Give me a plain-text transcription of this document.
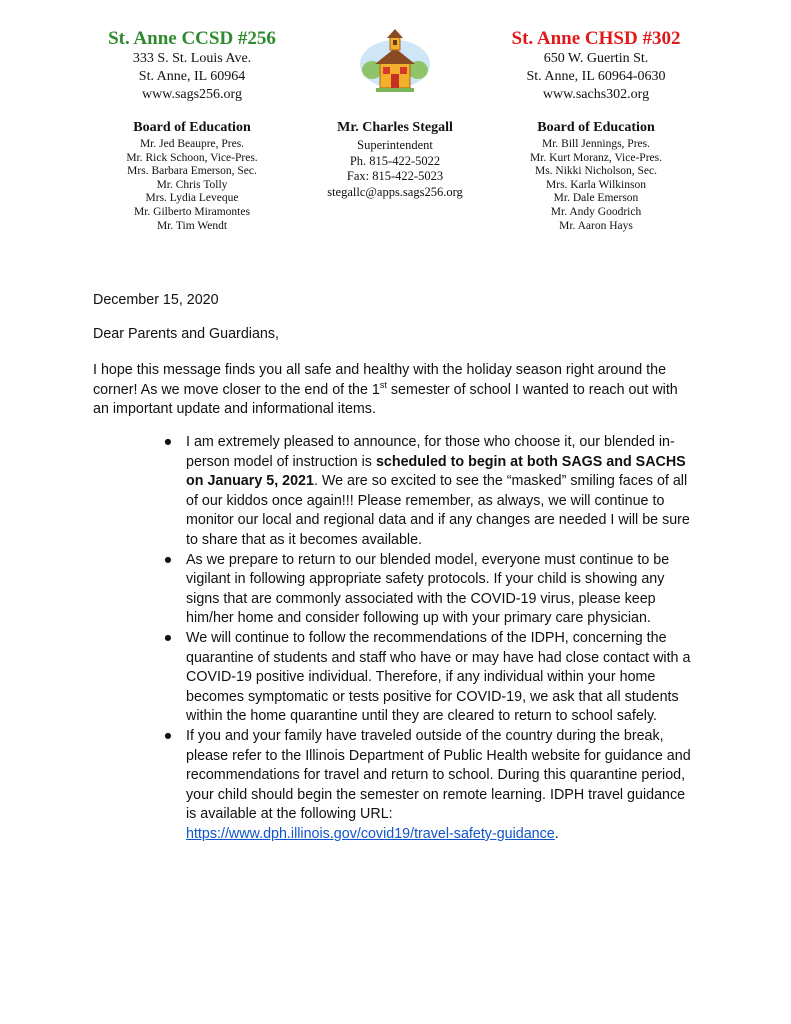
St. Anne CCSD #256
333 S. St. Louis Ave.
St. Anne, IL 60964
www.sags256.org
St. Anne CHSD #302
650 W. Guertin St.
St. Anne, IL 60964-0630
www.sachs302.org
Board of Education
Mr. Jed Beaupre, Pres.
Mr. Rick Schoon, Vice-Pres.
Mrs. Barbara Emerson, Sec.
Mr. Chris Tolly
Mrs. Lydia Leveque
Mr. Gilberto Miramontes
Mr. Tim Wendt
Mr. Charles Stegall
Superintendent
Ph. 815-422-5022
Fax: 815-422-5023
stegallc@apps.sags256.org
Board of Education
Mr. Bill Jennings, Pres.
Mr. Kurt Moranz, Vice-Pres.
Ms. Nikki Nicholson, Sec.
Mrs. Karla Wilkinson
Mr. Dale Emerson
Mr. Andy Goodrich
Mr. Aaron Hays
December 15, 2020
Dear Parents and Guardians,
I hope this message finds you all safe and healthy with the holiday season right around the corner! As we move closer to the end of the 1st semester of school I wanted to reach out with an important update and informational items.
● I am extremely pleased to announce, for those who choose it, our blended in-person model of instruction is scheduled to begin at both SAGS and SACHS on January 5, 2021. We are so excited to see the “masked” smiling faces of all of our kiddos once again!!! Please remember, as always, we will continue to monitor our local and regional data and if any changes are needed I will be sure to share that as it becomes available.
● As we prepare to return to our blended model, everyone must continue to be vigilant in following appropriate safety protocols. If your child is showing any signs that are commonly associated with the COVID-19 virus, please keep him/her home and consider following up with your primary care physician.
● We will continue to follow the recommendations of the IDPH, concerning the quarantine of students and staff who have or may have had close contact with a COVID-19 positive individual. Therefore, if any individual within your home becomes symptomatic or tests positive for COVID-19, we ask that all students within the home quarantine until they are cleared to return to school safely.
● If you and your family have traveled outside of the country during the break, please refer to the Illinois Department of Public Health website for guidance and recommendations for travel and return to school. During this quarantine period, your child should begin the semester on remote learning. IDPH travel guidance is available at the following URL:
https://www.dph.illinois.gov/covid19/travel-safety-guidance.
